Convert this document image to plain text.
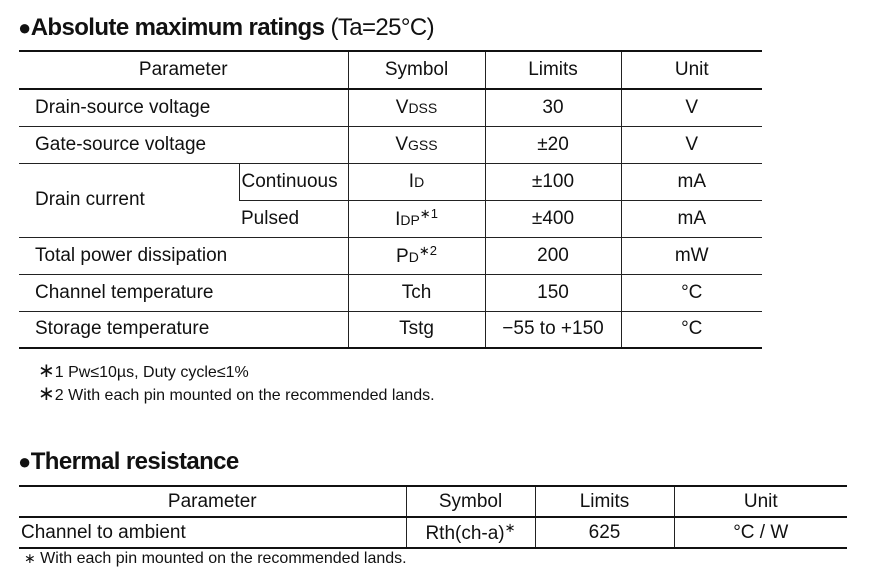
●Absolute maximum ratings (Ta=25°C)
Parameter		Symbol	Limits	Unit
Drain-source voltage		VDSS	30	V
Gate-source voltage		VGSS	±20	V
Drain current	Continuous	ID	±100	mA
	Pulsed	$IDP^{∗1}$	±400	mA
Total power dissipation		$PD^{∗2}$	200	mW
Channel temperature		Tch	150	°C
Storage temperature		Tstg	−55 to +150	°C
∗1 Pw≤10µs, Duty cycle≤1%
∗2 With each pin mounted on the recommended lands.
●Thermal resistance
Parameter	Symbol	Limits	Unit
Channel to ambient	Rth(ch-a)∗	625	°C / W
∗ With each pin mounted on the recommended lands.
